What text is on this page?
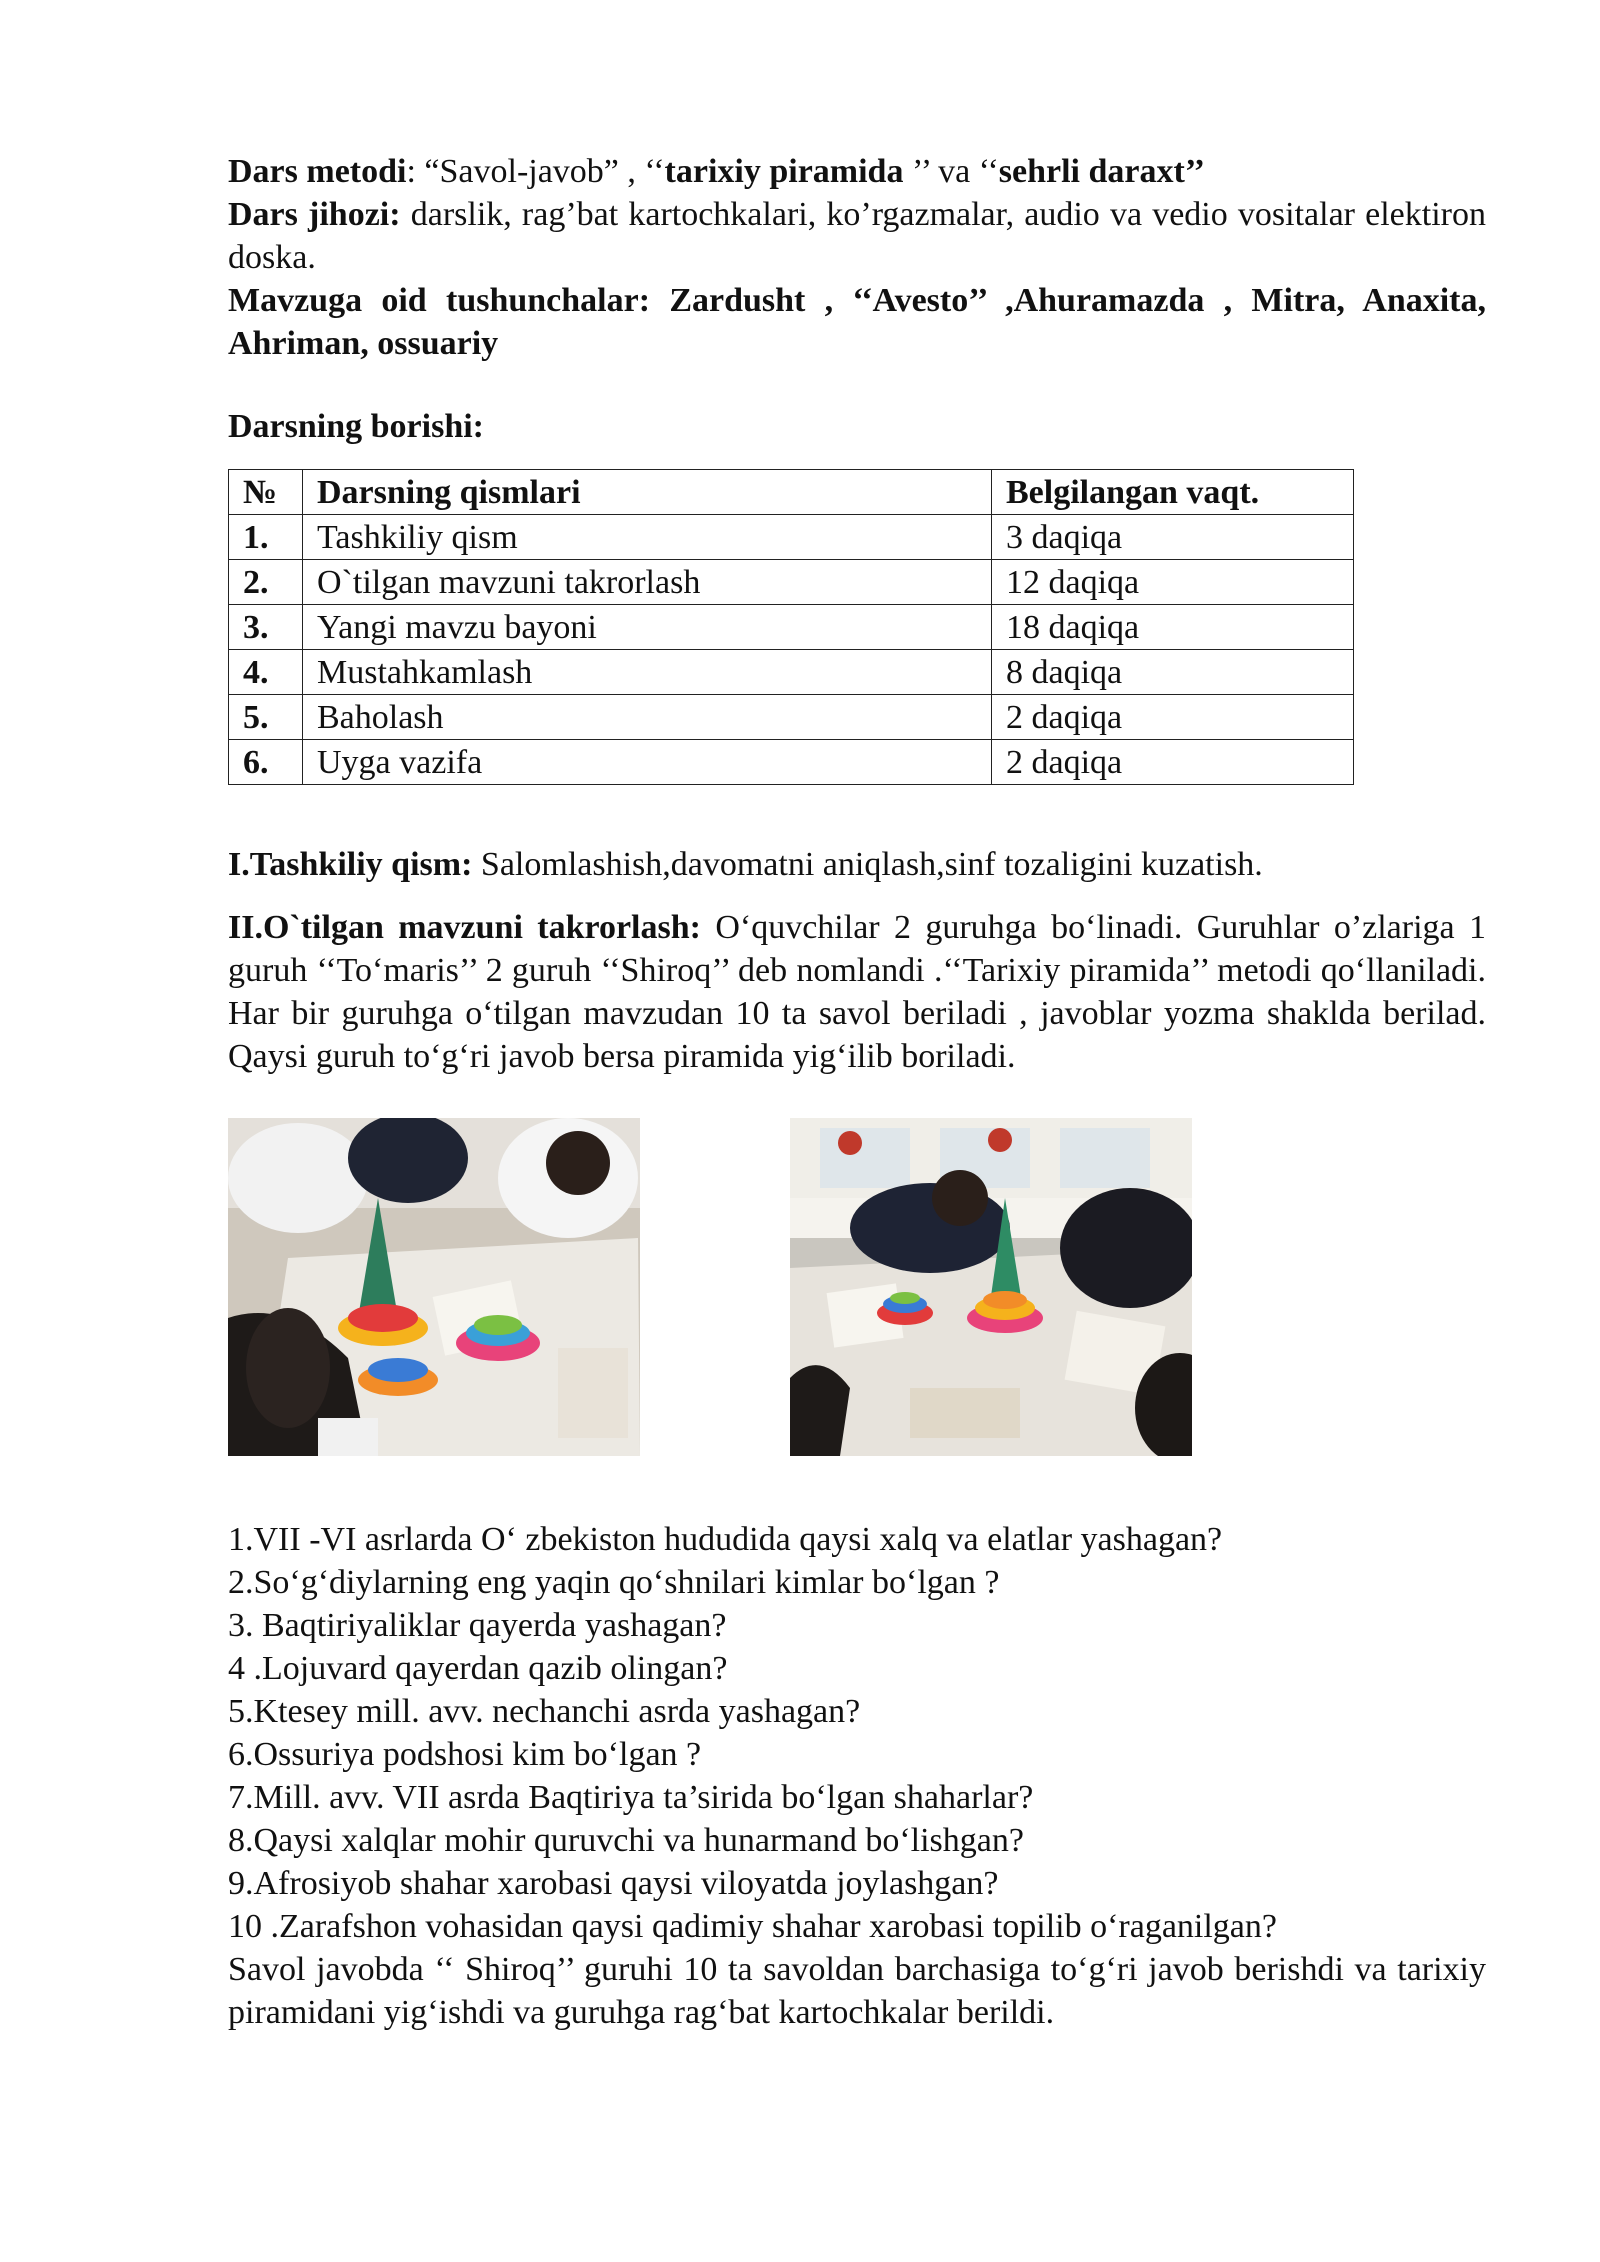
Dars metodi: “Savol-javob” , ‘‘tarixiy piramida ’’ va ‘‘sehrli daraxt’’

Dars jihozi: darslik, rag’bat kartochkalari, ko’rgazmalar, audio va vedio vositalar elektiron doska.

Mavzuga oid tushunchalar: Zardusht , ‘‘Avesto’’ ,Ahuramazda , Mitra, Anaxita, Ahriman, ossuariy

Darsning borishi:
№	Darsning qismlari	Belgilangan vaqt.
1.	Tashkiliy qism	3 daqiqa
2.	O`tilgan mavzuni takrorlash	12 daqiqa
3.	Yangi mavzu bayoni	18 daqiqa
4.	Mustahkamlash	8 daqiqa
5.	Baholash	2 daqiqa
6.	Uyga vazifa	2 daqiqa

I.Tashkiliy qism: Salomlashish,davomatni aniqlash,sinf tozaligini kuzatish.

II.O`tilgan mavzuni takrorlash: O‘quvchilar 2 guruhga bo‘linadi. Guruhlar o’zlariga 1 guruh ‘‘To‘maris’’ 2 guruh ‘‘Shiroq’’ deb nomlandi .‘‘Tarixiy piramida’’ metodi qo‘llaniladi. Har bir guruhga o‘tilgan mavzudan 10 ta savol beriladi , javoblar yozma shaklda berilad. Qaysi guruh to‘g‘ri javob bersa piramida yig‘ilib boriladi.

1.VII -VI asrlarda O‘ zbekiston hududida qaysi xalq va elatlar yashagan?

2.So‘g‘diylarning eng yaqin qo‘shnilari kimlar bo‘lgan ?

3. Baqtiriyaliklar qayerda yashagan?

4 .Lojuvard qayerdan qazib olingan?

5.Ktesey mill. avv. nechanchi asrda yashagan?

6.Ossuriya podshosi kim bo‘lgan ?

7.Mill. avv. VII asrda Baqtiriya ta’sirida bo‘lgan shaharlar?

8.Qaysi xalqlar mohir quruvchi va hunarmand bo‘lishgan?

9.Afrosiyob shahar xarobasi qaysi viloyatda joylashgan?

10 .Zarafshon vohasidan qaysi qadimiy shahar xarobasi topilib o‘raganilgan?

Savol javobda ‘‘ Shiroq’’ guruhi 10 ta savoldan barchasiga to‘g‘ri javob berishdi va tarixiy piramidani yig‘ishdi va guruhga rag‘bat kartochkalar berildi.
